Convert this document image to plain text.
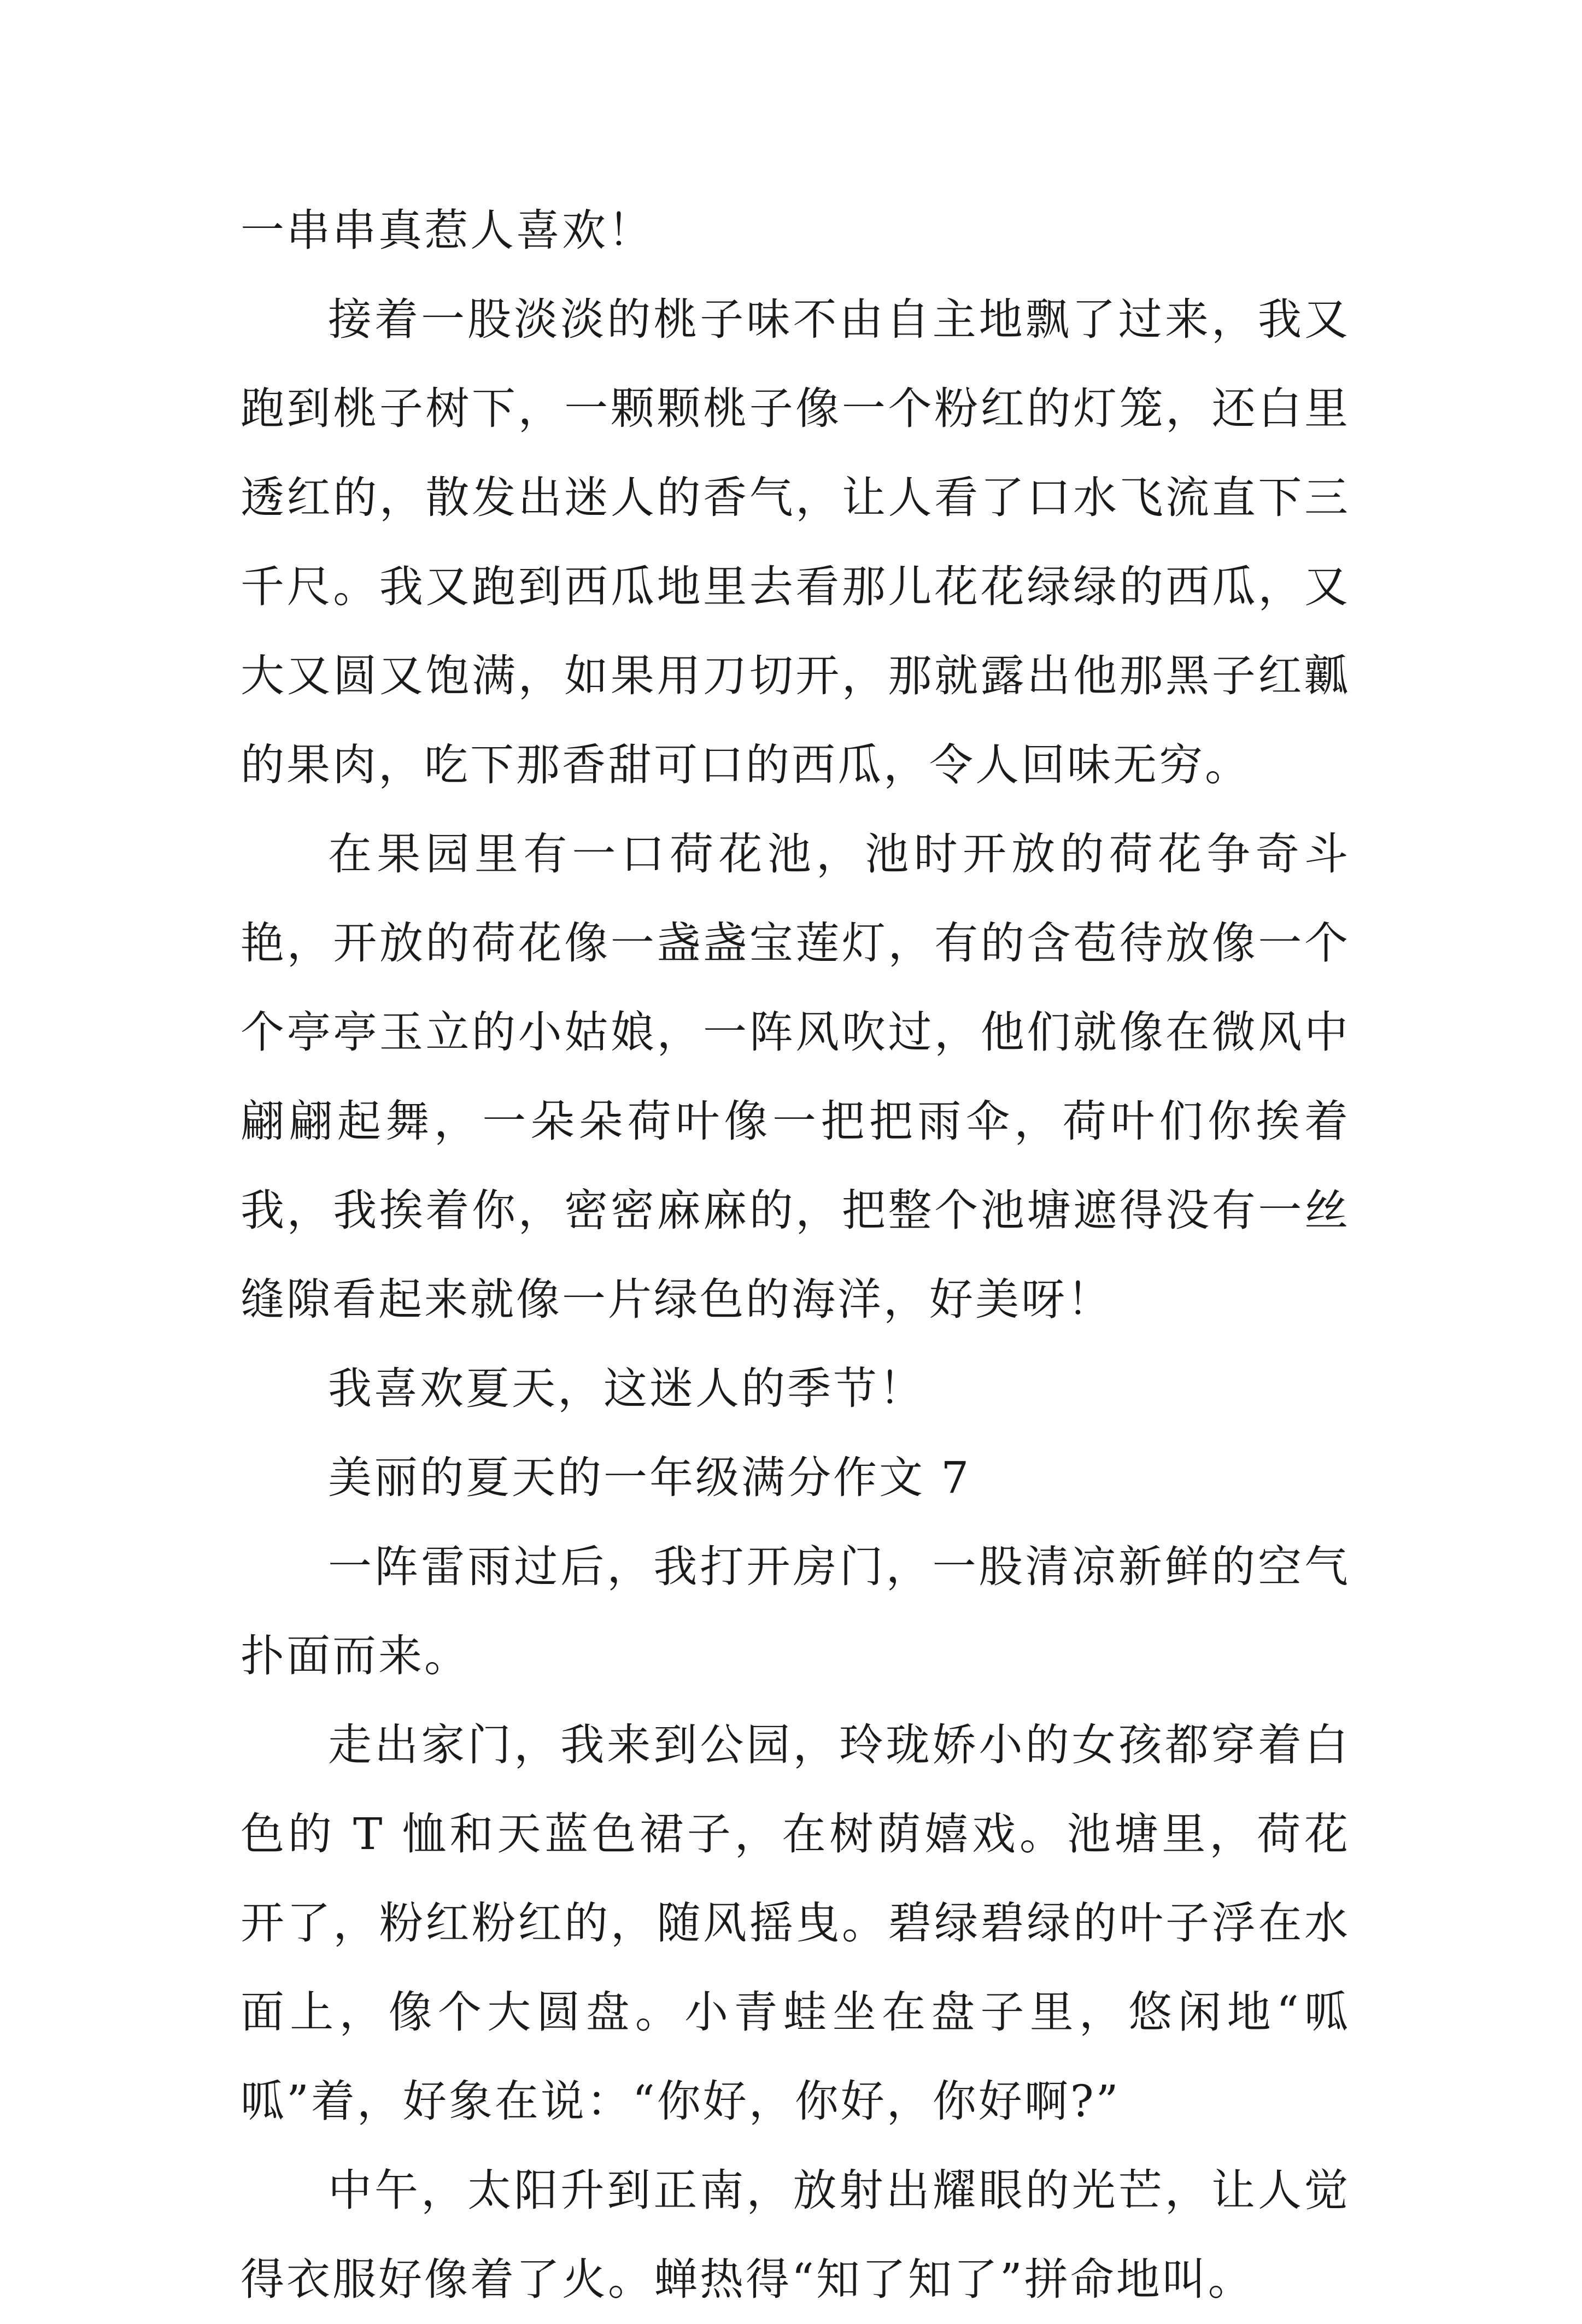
一串串真惹人喜欢！

接着一股淡淡的桃子味不由自主地飘了过来，我又跑到桃子树下，一颗颗桃子像一个粉红的灯笼，还白里透红的，散发出迷人的香气，让人看了口水飞流直下三千尺。我又跑到西瓜地里去看那儿花花绿绿的西瓜，又大又圆又饱满，如果用刀切开，那就露出他那黑子红瓤的果肉，吃下那香甜可口的西瓜，令人回味无穷。

在果园里有一口荷花池，池时开放的荷花争奇斗艳，开放的荷花像一盏盏宝莲灯，有的含苞待放像一个个亭亭玉立的小姑娘，一阵风吹过，他们就像在微风中翩翩起舞，一朵朵荷叶像一把把雨伞，荷叶们你挨着我，我挨着你，密密麻麻的，把整个池塘遮得没有一丝缝隙看起来就像一片绿色的海洋，好美呀！

我喜欢夏天，这迷人的季节！

美丽的夏天的一年级满分作文 7

一阵雷雨过后，我打开房门，一股清凉新鲜的空气扑面而来。

走出家门，我来到公园，玲珑娇小的女孩都穿着白色的 T 恤和天蓝色裙子，在树荫嬉戏。池塘里，荷花开了，粉红粉红的，随风摇曳。碧绿碧绿的叶子浮在水面上，像个大圆盘。小青蛙坐在盘子里，悠闲地“呱呱”着，好象在说：“你好，你好，你好啊?”

中午，太阳升到正南，放射出耀眼的光芒，让人觉得衣服好像着了火。蝉热得“知了知了”拼命地叫。
